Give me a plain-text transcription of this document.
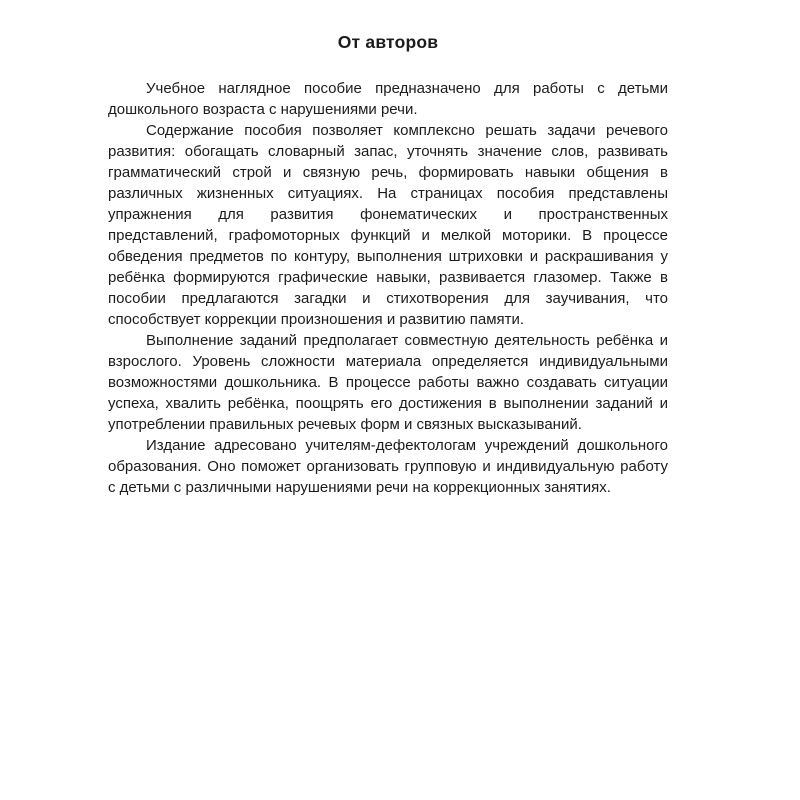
От авторов

Учебное наглядное пособие предназначено для работы с детьми дошкольного возраста с нарушениями речи.

Содержание пособия позволяет комплексно решать задачи речевого развития: обогащать словарный запас, уточнять значение слов, развивать грамматический строй и связную речь, формировать навыки общения в различных жизненных ситуациях. На страницах пособия представлены упражнения для развития фонематических и пространственных представлений, графомоторных функций и мелкой моторики. В процессе обведения предметов по контуру, выполнения штриховки и раскрашивания у ребёнка формируются графические навыки, развивается глазомер. Также в пособии предлагаются загадки и стихотворения для заучивания, что способствует коррекции произношения и развитию памяти.

Выполнение заданий предполагает совместную деятельность ребёнка и взрослого. Уровень сложности материала определяется индивидуальными возможностями дошкольника. В процессе работы важно создавать ситуации успеха, хвалить ребёнка, поощрять его достижения в выполнении заданий и употреблении правильных речевых форм и связных высказываний.

Издание адресовано учителям-дефектологам учреждений дошкольного образования. Оно поможет организовать групповую и индивидуальную работу с детьми с различными нарушениями речи на коррекционных занятиях.
